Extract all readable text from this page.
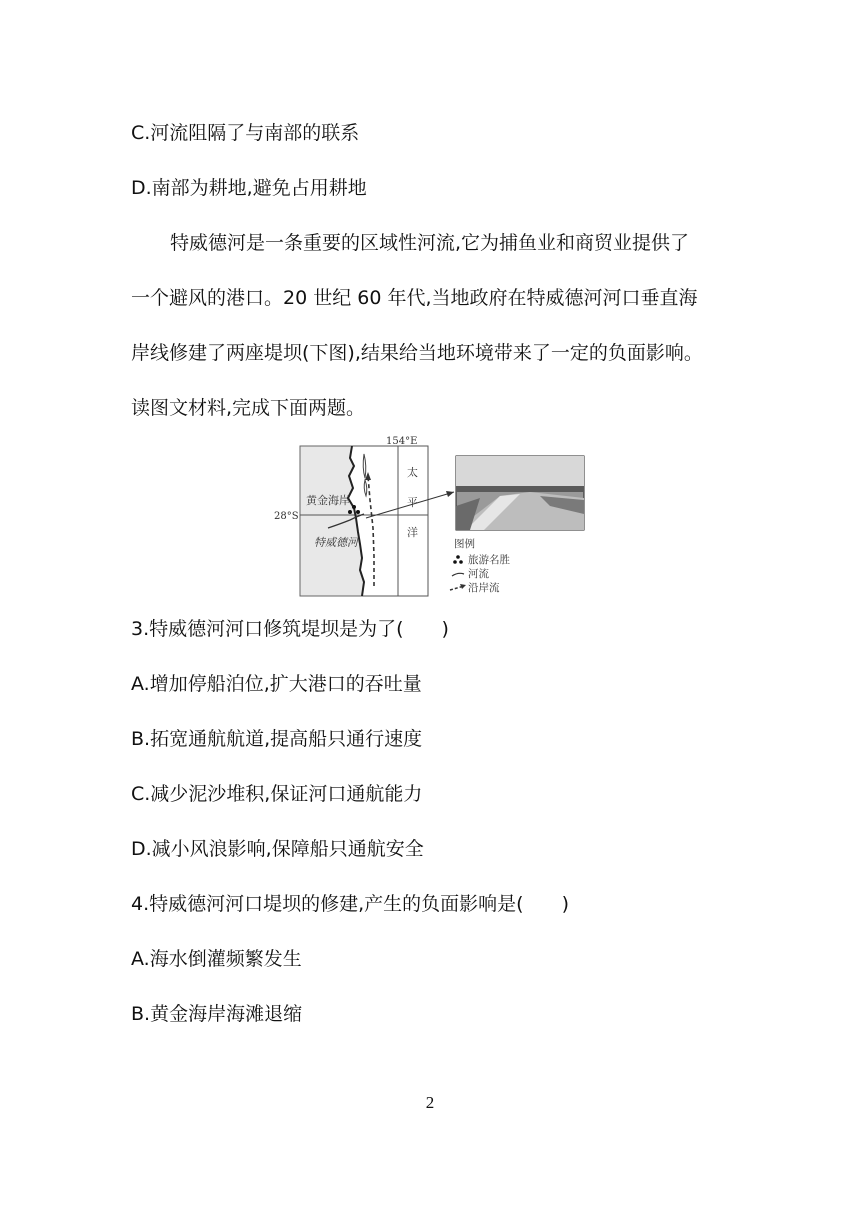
C.河流阻隔了与南部的联系
D.南部为耕地,避免占用耕地
特威德河是一条重要的区域性河流,它为捕鱼业和商贸业提供了
一个避风的港口。20 世纪 60 年代,当地政府在特威德河河口垂直海
岸线修建了两座堤坝(下图),结果给当地环境带来了一定的负面影响。
读图文材料,完成下面两题。
154°E
28°S
太
平
洋
黄金海岸
特威德河	图例
旅游名胜
河流
沿岸流
3.特威德河河口修筑堤坝是为了(　　)
A.增加停船泊位,扩大港口的吞吐量
B.拓宽通航航道,提高船只通行速度
C.减少泥沙堆积,保证河口通航能力
D.减小风浪影响,保障船只通航安全
4.特威德河河口堤坝的修建,产生的负面影响是(　　)
A.海水倒灌频繁发生
B.黄金海岸海滩退缩
2
